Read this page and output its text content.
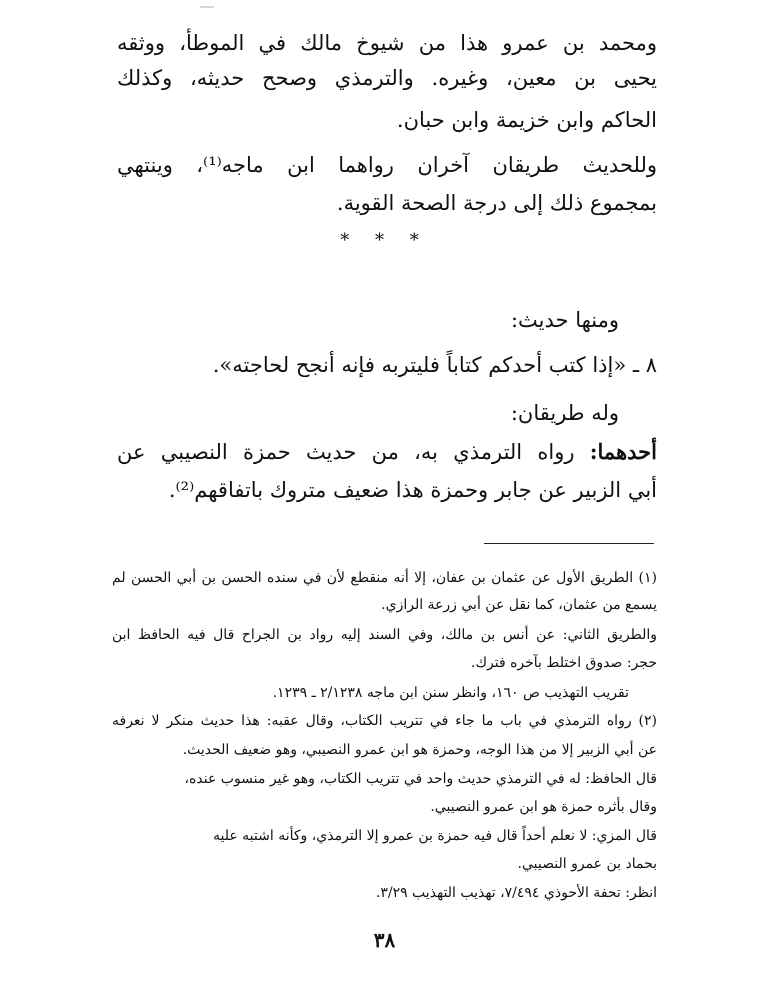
ومحمد بن عمرو هذا من شيوخ مالك في الموطأ، ووثقه
يحيى بن معين، وغيره. والترمذي وصحح حديثه، وكذلك
الحاكم وابن خزيمة وابن حبان.
وللحديث طريقان آخران رواهما ابن ماجه⁽¹⁾، وينتهي
بمجموع ذلك إلى درجة الصحة القوية.
* * *
ومنها حديث:
٨ ـ «إذا كتب أحدكم كتاباً فليتربه فإنه أنجح لحاجته».
وله طريقان:
أحدهما: رواه الترمذي به، من حديث حمزة النصيبي عن
أبي الزبير عن جابر وحمزة هذا ضعيف متروك باتفاقهم⁽²⁾.
(١) الطريق الأول عن عثمان بن عفان، إلا أنه منقطع لأن في سنده الحسن بن أبي الحسن لم
يسمع من عثمان، كما نقل عن أبي زرعة الرازي.
والطريق الثاني: عن أنس بن مالك، وفي السند إليه رواد بن الجراح قال فيه الحافظ ابن
حجر: صدوق اختلط بآخره فترك.
تقريب التهذيب ص ١٦٠، وانظر سنن ابن ماجه ٢/١٢٣٨ ـ ١٢٣٩.
(٢) رواه الترمذي في باب ما جاء في تتريب الكتاب، وقال عقبه: هذا حديث منكر لا نعرفه
عن أبي الزبير إلا من هذا الوجه، وحمزة هو ابن عمرو النصيبي، وهو ضعيف الحديث.
قال الحافظ: له في الترمذي حديث واحد في تتريب الكتاب، وهو غير منسوب عنده،
وقال بأثره حمزة هو ابن عمرو النصيبي.
قال المزي: لا نعلم أحداً قال فيه حمزة بن عمرو إلا الترمذي، وكأنه اشتبه عليه
بحماد بن عمرو النصيبي.
انظر: تحفة الأحوذي ٧/٤٩٤، تهذيب التهذيب ٣/٢٩.
٣٨
